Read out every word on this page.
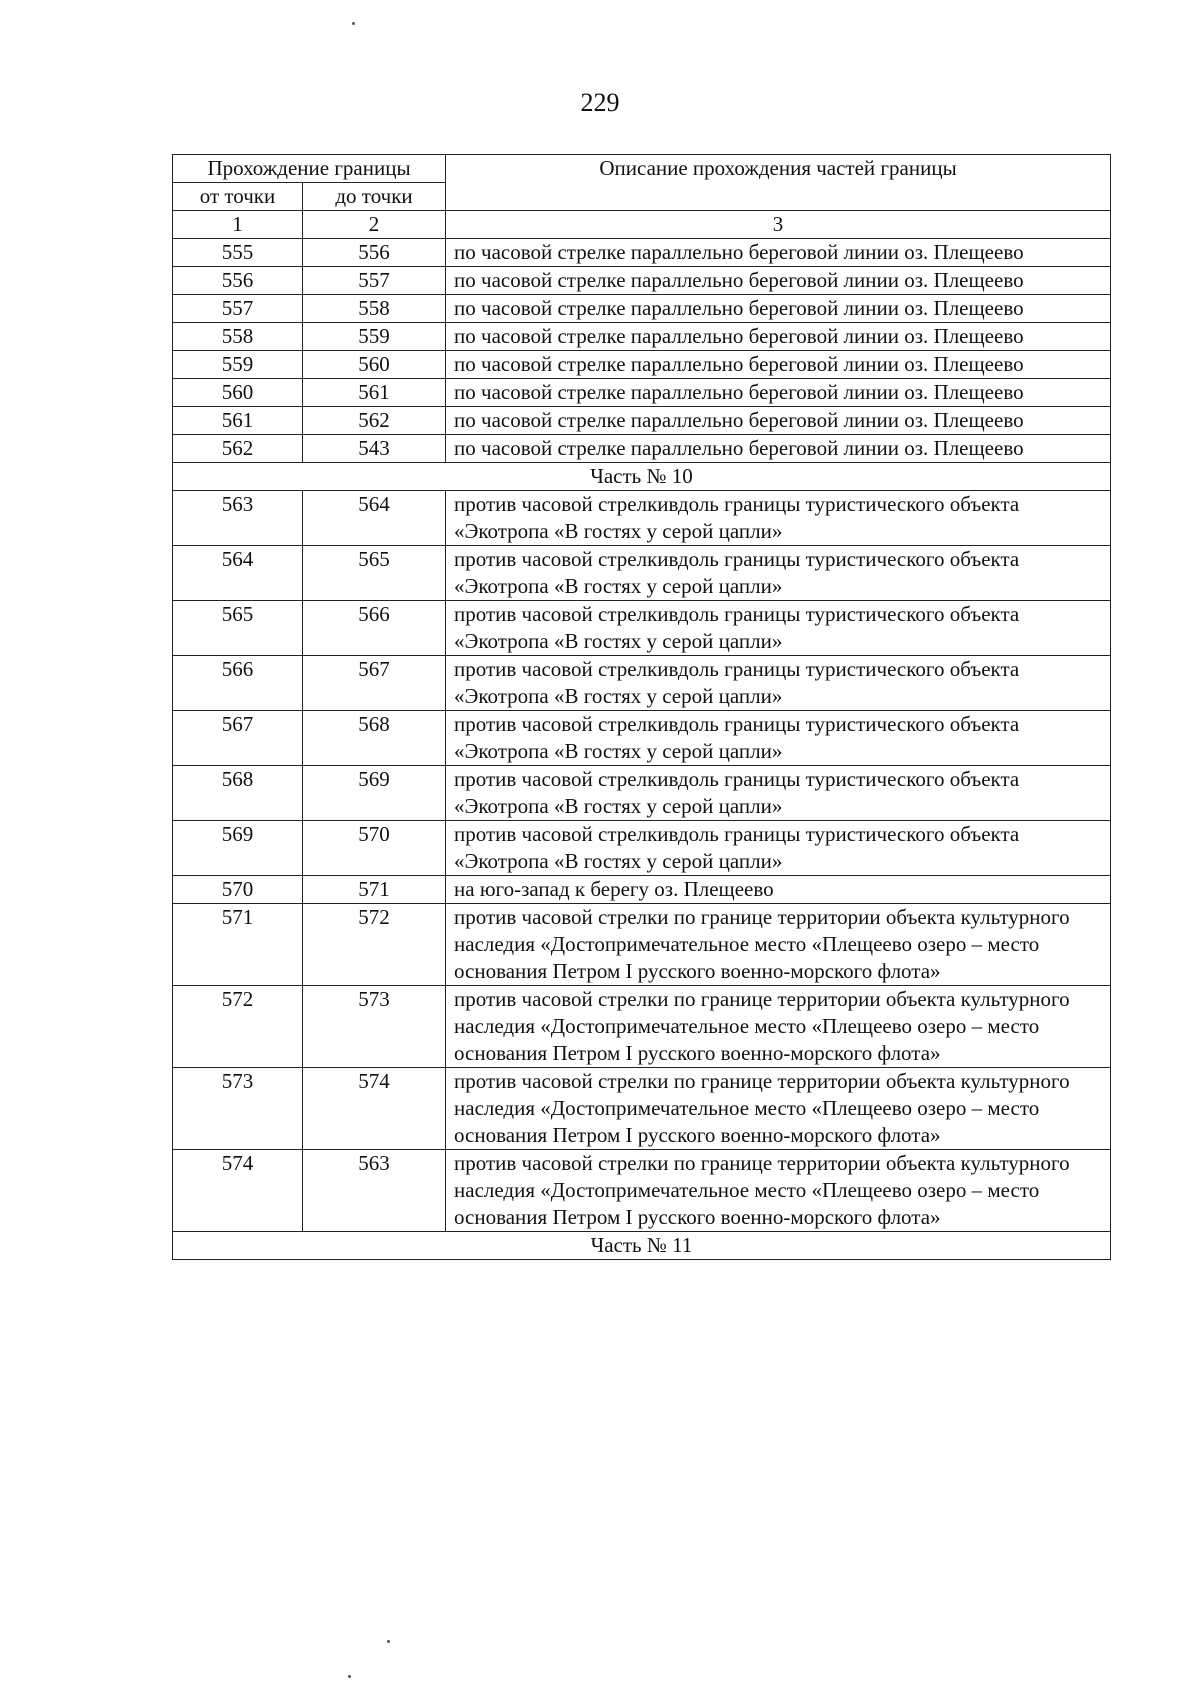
229
Прохождение границы		Описание прохождения частей границы
от точки	до точки	
1	2	3
555	556	по часовой стрелке параллельно береговой линии оз. Плещеево
556	557	по часовой стрелке параллельно береговой линии оз. Плещеево
557	558	по часовой стрелке параллельно береговой линии оз. Плещеево
558	559	по часовой стрелке параллельно береговой линии оз. Плещеево
559	560	по часовой стрелке параллельно береговой линии оз. Плещеево
560	561	по часовой стрелке параллельно береговой линии оз. Плещеево
561	562	по часовой стрелке параллельно береговой линии оз. Плещеево
562	543	по часовой стрелке параллельно береговой линии оз. Плещеево
Часть № 10		
563	564	против часовой стрелкивдоль границы туристического объекта «Экотропа «В гостях у серой цапли»
564	565	против часовой стрелкивдоль границы туристического объекта «Экотропа «В гостях у серой цапли»
565	566	против часовой стрелкивдоль границы туристического объекта «Экотропа «В гостях у серой цапли»
566	567	против часовой стрелкивдоль границы туристического объекта «Экотропа «В гостях у серой цапли»
567	568	против часовой стрелкивдоль границы туристического объекта «Экотропа «В гостях у серой цапли»
568	569	против часовой стрелкивдоль границы туристического объекта «Экотропа «В гостях у серой цапли»
569	570	против часовой стрелкивдоль границы туристического объекта «Экотропа «В гостях у серой цапли»
570	571	на юго-запад к берегу оз. Плещеево
571	572	против часовой стрелки по границе территории объекта культурного наследия «Достопримечательное место «Плещеево озеро – место основания Петром I русского военно-морского флота»
572	573	против часовой стрелки по границе территории объекта культурного наследия «Достопримечательное место «Плещеево озеро – место основания Петром I русского военно-морского флота»
573	574	против часовой стрелки по границе территории объекта культурного наследия «Достопримечательное место «Плещеево озеро – место основания Петром I русского военно-морского флота»
574	563	против часовой стрелки по границе территории объекта культурного наследия «Достопримечательное место «Плещеево озеро – место основания Петром I русского военно-морского флота»
Часть № 11		
